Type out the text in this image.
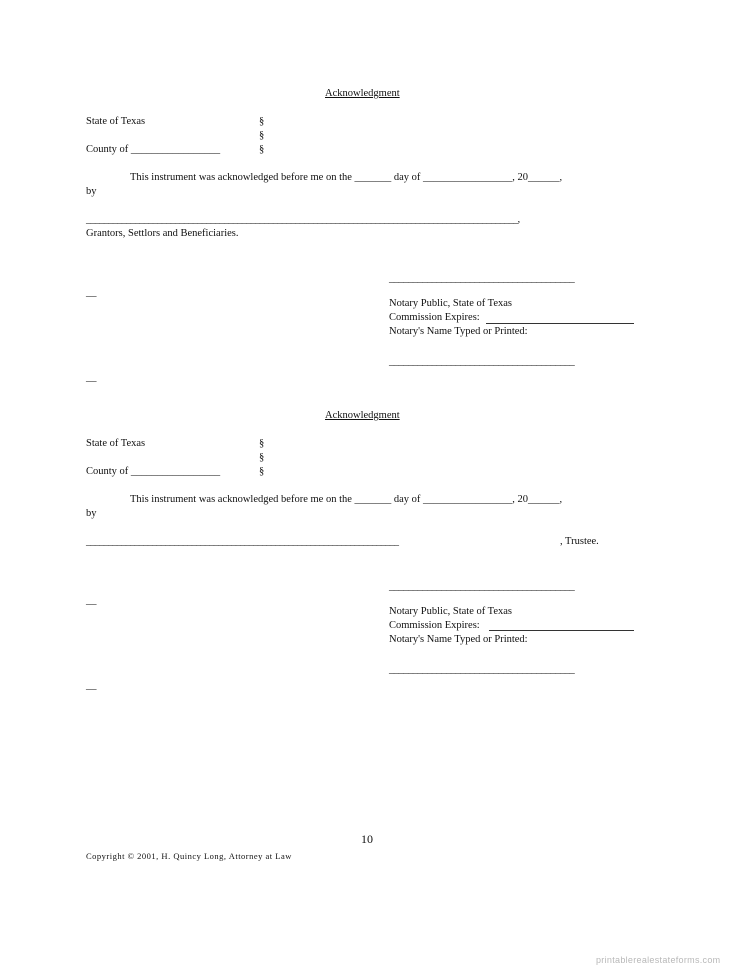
Acknowledgment
State of Texas	§
§
County of _________________	§
This instrument was acknowledged before me on the _______ day of _________________, 20______,
by
_________________________________________________________________________________________________,
Grantors, Settlors and Beneficiaries.
_______________________________________
__
Notary Public, State of Texas
Commission Expires:
Notary's Name Typed or Printed:
_______________________________________
__
Acknowledgment
State of Texas	§
§
County of _________________	§
This instrument was acknowledged before me on the _______ day of _________________, 20______,
by
_______________________________________________________________________	, Trustee.
_______________________________________
__
Notary Public, State of Texas
Commission Expires:
Notary's Name Typed or Printed:
_______________________________________
__
10
Copyright © 2001, H. Quincy Long, Attorney at Law
printablerealestateforms.com
